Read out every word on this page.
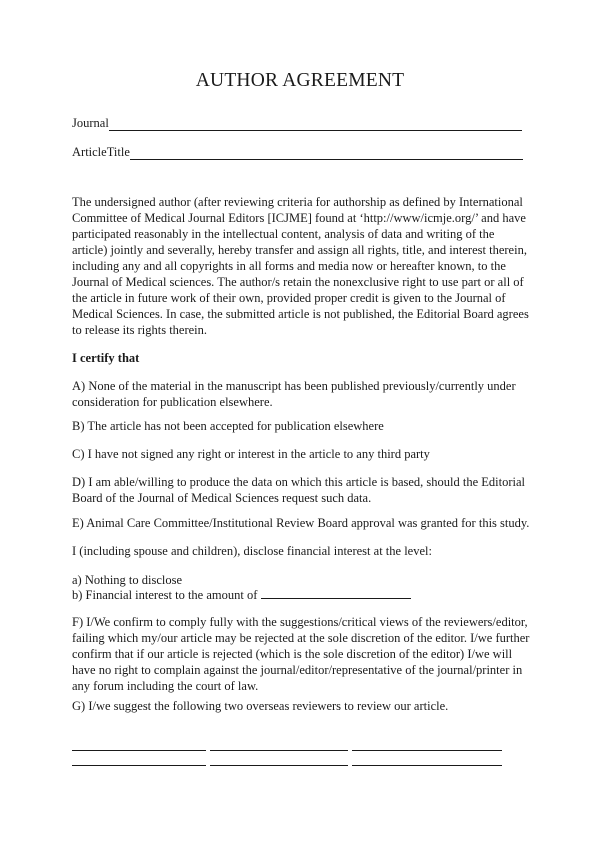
AUTHOR AGREEMENT
Journal
ArticleTitle
The undersigned author (after reviewing criteria for authorship as defined by International Committee of Medical Journal Editors [ICJME] found at ‘http://www/icmje.org/’ and have participated reasonably in the intellectual content, analysis of data and writing of the article) jointly and severally, hereby transfer and assign all rights, title, and interest therein, including any and all copyrights in all forms and media now or hereafter known, to the Journal of Medical sciences. The author/s retain the nonexclusive right to use part or all of the article in future work of their own, provided proper credit is given to the Journal of Medical Sciences. In case, the submitted article is not published, the Editorial Board agrees to release its rights therein.
I certify that
A) None of the material in the manuscript has been published previously/currently under consideration for publication elsewhere.
B) The article has not been accepted for publication elsewhere
C) I have not signed any right or interest in the article to any third party
D) I am able/willing to produce the data on which this article is based, should the Editorial Board of the Journal of Medical Sciences request such data.
E) Animal Care Committee/Institutional Review Board approval was granted for this study.
I (including spouse and children), disclose financial interest at the level:
a) Nothing to disclose
b) Financial interest to the amount of
F) I/We confirm to comply fully with the suggestions/critical views of the reviewers/editor, failing which my/our article may be rejected at the sole discretion of the editor. I/we further confirm that if our article is rejected (which is the sole discretion of the editor) I/we will have no right to complain against the journal/editor/representative of the journal/printer in any forum including the court of law.
G) I/we suggest the following two overseas reviewers to review our article.
